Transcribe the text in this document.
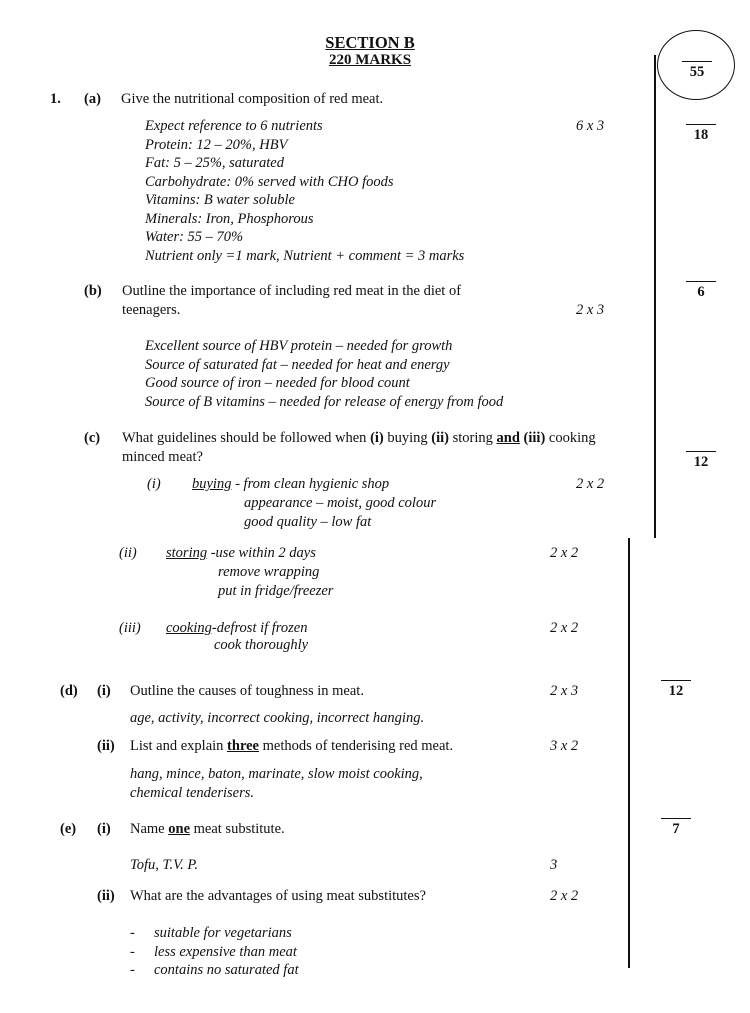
SECTION B
220 MARKS
55
1. (a) Give the nutritional composition of red meat.
6 x 3
18
Expect reference to 6 nutrients
Protein: 12 – 20%, HBV
Fat: 5 – 25%, saturated
Carbohydrate: 0% served with CHO foods
Vitamins: B water soluble
Minerals: Iron, Phosphorous
Water: 55 – 70%
Nutrient only =1 mark, Nutrient + comment = 3 marks
(b) Outline the importance of including red meat in the diet of
teenagers.	2 x 3
6
Excellent source of HBV protein – needed for growth
Source of saturated fat – needed for heat and energy
Good source of iron – needed for blood count
Source of B vitamins – needed for release of energy from food
(c) What guidelines should be followed when (i) buying (ii) storing and (iii) cooking
minced meat?	12
(i) buying - from clean hygienic shop	2 x 2
appearance – moist, good colour
good quality – low fat
(ii) storing -use within 2 days	2 x 2
remove wrapping
put in fridge/freezer
(iii) cooking-defrost if frozen	2 x 2
cook thoroughly
(d) (i) Outline the causes of toughness in meat.	2 x 3	12
age, activity, incorrect cooking, incorrect hanging.
(ii) List and explain three methods of tenderising red meat.	3 x 2
hang, mince, baton, marinate, slow moist cooking,
chemical tenderisers.
(e) (i) Name one meat substitute.	7
Tofu, T.V. P.	3
(ii) What are the advantages of using meat substitutes?	2 x 2
- suitable for vegetarians
- less expensive than meat
- contains no saturated fat
